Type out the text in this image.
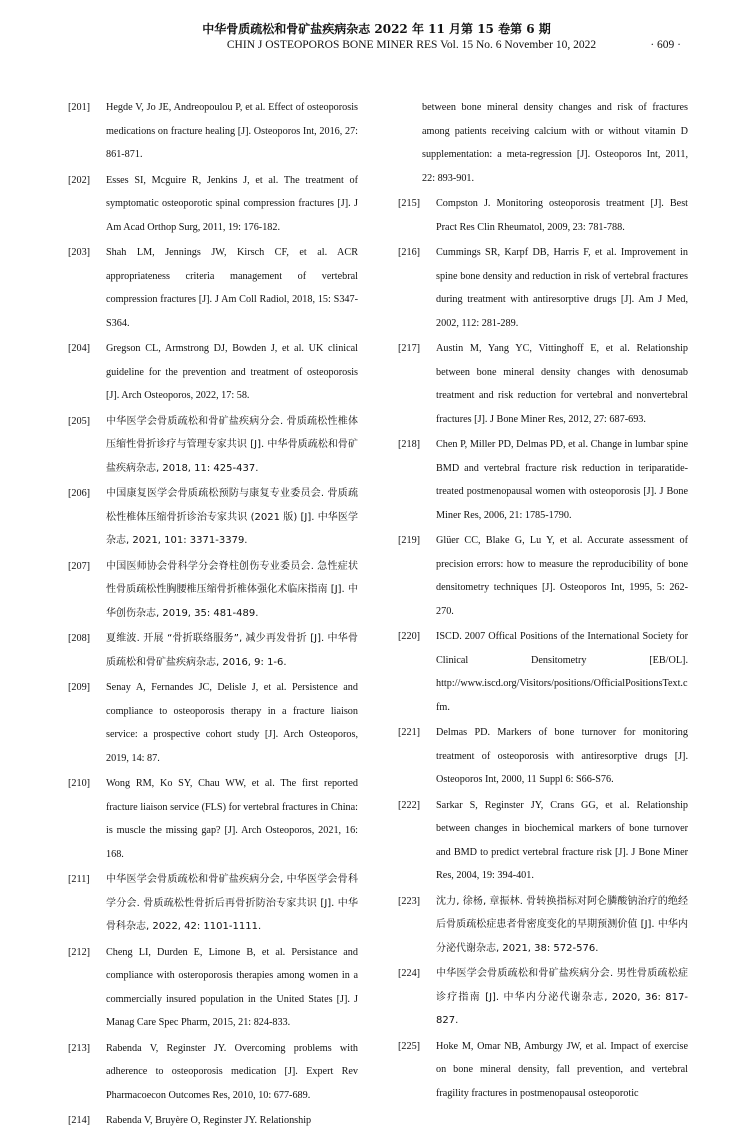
中华骨质疏松和骨矿盐疾病杂志 2022 年 11 月第 15 卷第 6 期
CHIN J OSTEOPOROS BONE MINER RES Vol. 15 No. 6 November 10, 2022	· 609 ·
[201]	Hegde V, Jo JE, Andreopoulou P, et al. Effect of osteoporosis medications on fracture healing [J]. Osteoporos Int, 2016, 27: 861-871.
[202]	Esses SI, Mcguire R, Jenkins J, et al. The treatment of symptomatic osteoporotic spinal compression fractures [J]. J Am Acad Orthop Surg, 2011, 19: 176-182.
[203]	Shah LM, Jennings JW, Kirsch CF, et al. ACR appropriateness criteria management of vertebral compression fractures [J]. J Am Coll Radiol, 2018, 15: S347-S364.
[204]	Gregson CL, Armstrong DJ, Bowden J, et al. UK clinical guideline for the prevention and treatment of osteoporosis [J]. Arch Osteoporos, 2022, 17: 58.
[205]	中华医学会骨质疏松和骨矿盐疾病分会. 骨质疏松性椎体压缩性骨折诊疗与管理专家共识 [J]. 中华骨质疏松和骨矿盐疾病杂志, 2018, 11: 425-437.
[206]	中国康复医学会骨质疏松预防与康复专业委员会. 骨质疏松性椎体压缩骨折诊治专家共识 (2021 版) [J]. 中华医学杂志, 2021, 101: 3371-3379.
[207]	中国医师协会骨科学分会脊柱创伤专业委员会. 急性症状性骨质疏松性胸腰椎压缩骨折椎体强化术临床指南 [J]. 中华创伤杂志, 2019, 35: 481-489.
[208]	夏维波. 开展 “骨折联络服务”, 减少再发骨折 [J]. 中华骨质疏松和骨矿盐疾病杂志, 2016, 9: 1-6.
[209]	Senay A, Fernandes JC, Delisle J, et al. Persistence and compliance to osteoporosis therapy in a fracture liaison service: a prospective cohort study [J]. Arch Osteoporos, 2019, 14: 87.
[210]	Wong RM, Ko SY, Chau WW, et al. The first reported fracture liaison service (FLS) for vertebral fractures in China: is muscle the missing gap? [J]. Arch Osteoporos, 2021, 16: 168.
[211]	中华医学会骨质疏松和骨矿盐疾病分会, 中华医学会骨科学分会. 骨质疏松性骨折后再骨折防治专家共识 [J]. 中华骨科杂志, 2022, 42: 1101-1111.
[212]	Cheng LI, Durden E, Limone B, et al. Persistance and compliance with osteroporosis therapies among women in a commercially insured population in the United States [J]. J Manag Care Spec Pharm, 2015, 21: 824-833.
[213]	Rabenda V, Reginster JY. Overcoming problems with adherence to osteoporosis medication [J]. Expert Rev Pharmacoecon Outcomes Res, 2010, 10: 677-689.
[214]	Rabenda V, Bruyère O, Reginster JY. Relationship
between bone mineral density changes and risk of fractures among patients receiving calcium with or without vitamin D supplementation: a meta-regression [J]. Osteoporos Int, 2011, 22: 893-901.
[215]	Compston J. Monitoring osteoporosis treatment [J]. Best Pract Res Clin Rheumatol, 2009, 23: 781-788.
[216]	Cummings SR, Karpf DB, Harris F, et al. Improvement in spine bone density and reduction in risk of vertebral fractures during treatment with antiresorptive drugs [J]. Am J Med, 2002, 112: 281-289.
[217]	Austin M, Yang YC, Vittinghoff E, et al. Relationship between bone mineral density changes with denosumab treatment and risk reduction for vertebral and nonvertebral fractures [J]. J Bone Miner Res, 2012, 27: 687-693.
[218]	Chen P, Miller PD, Delmas PD, et al. Change in lumbar spine BMD and vertebral fracture risk reduction in teriparatide-treated postmenopausal women with osteoporosis [J]. J Bone Miner Res, 2006, 21: 1785-1790.
[219]	Glüer CC, Blake G, Lu Y, et al. Accurate assessment of precision errors: how to measure the reproducibility of bone densitometry techniques [J]. Osteoporos Int, 1995, 5: 262-270.
[220]	ISCD. 2007 Offical Positions of the International Society for Clinical Densitometry [EB/OL]. http://www.iscd.org/Visitors/positions/OfficialPositionsText.cfm.
[221]	Delmas PD. Markers of bone turnover for monitoring treatment of osteoporosis with antiresorptive drugs [J]. Osteoporos Int, 2000, 11 Suppl 6: S66-S76.
[222]	Sarkar S, Reginster JY, Crans GG, et al. Relationship between changes in biochemical markers of bone turnover and BMD to predict vertebral fracture risk [J]. J Bone Miner Res, 2004, 19: 394-401.
[223]	沈力, 徐杨, 章振林. 骨转换指标对阿仑膦酸钠治疗的绝经后骨质疏松症患者骨密度变化的早期预测价值 [J]. 中华内分泌代谢杂志, 2021, 38: 572-576.
[224]	中华医学会骨质疏松和骨矿盐疾病分会. 男性骨质疏松症诊疗指南 [J]. 中华内分泌代谢杂志, 2020, 36: 817-827.
[225]	Hoke M, Omar NB, Amburgy JW, et al. Impact of exercise on bone mineral density, fall prevention, and vertebral fragility fractures in postmenopausal osteoporotic
